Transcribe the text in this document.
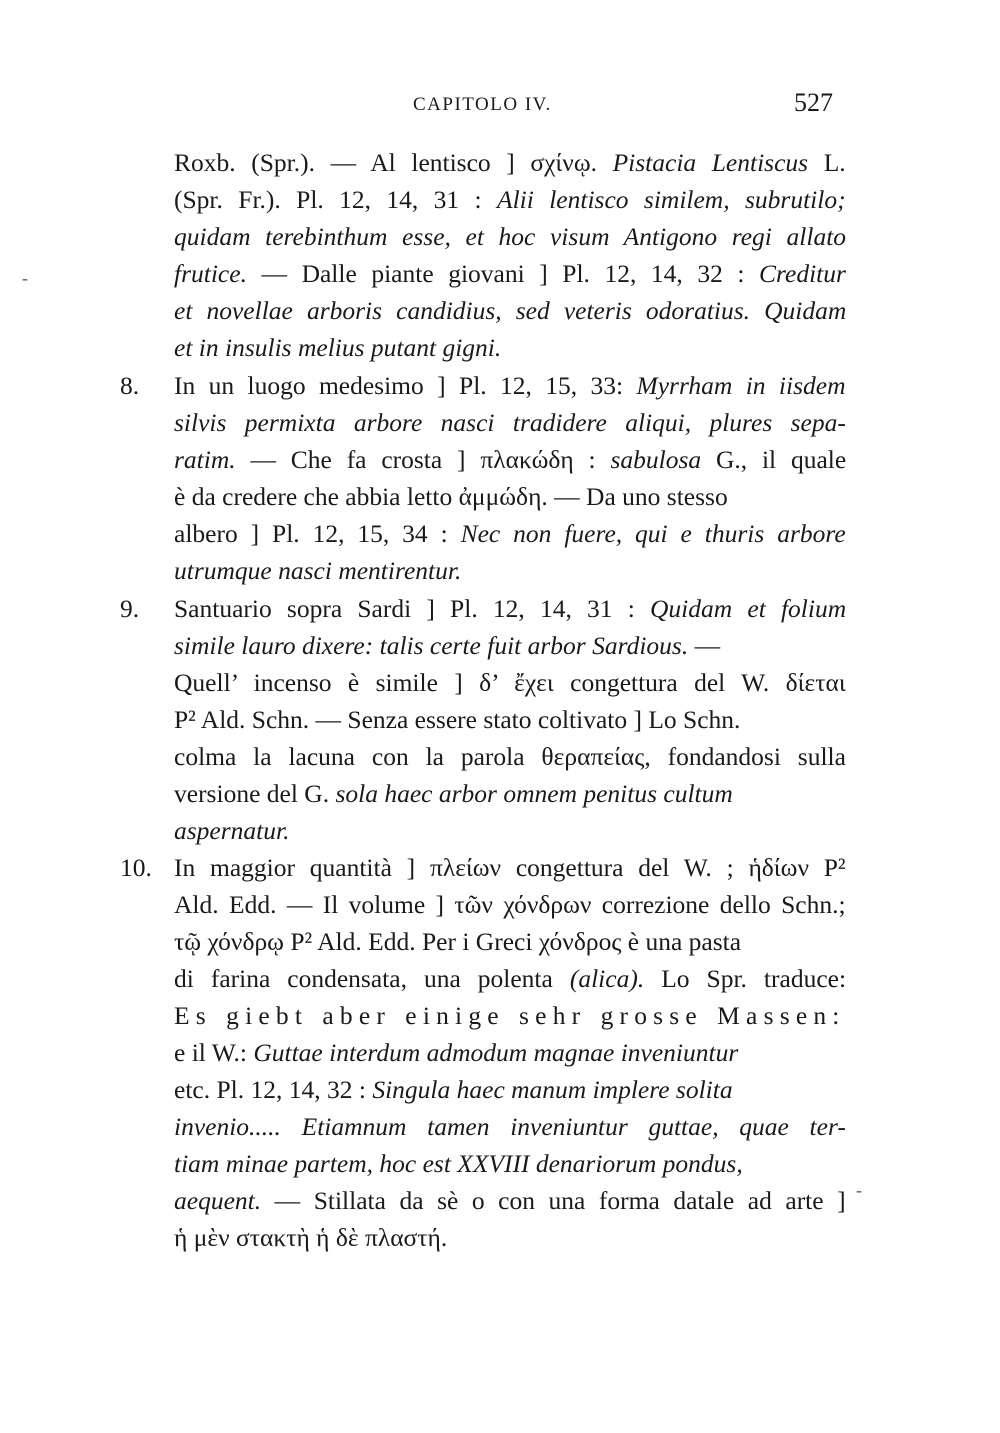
CAPITOLO IV.	527
-
-
Roxb. (Spr.). — Al lentisco ] σχίνῳ. Pistacia Lentiscus L.
(Spr. Fr.). Pl. 12, 14, 31 : Alii lentisco similem, subrutilo;
quidam terebinthum esse, et hoc visum Antigono regi allato
frutice. — Dalle piante giovani ] Pl. 12, 14, 32 : Creditur
et novellae arboris candidius, sed veteris odoratius. Quidam
et in insulis melius putant gigni.
8. In un luogo medesimo ] Pl. 12, 15, 33: Myrrham in iisdem
silvis permixta arbore nasci tradidere aliqui, plures sepa-
ratim. — Che fa crosta ] πλακώδη : sabulosa G., il quale
è da credere che abbia letto ἀμμώδη. — Da uno stesso
albero ] Pl. 12, 15, 34 : Nec non fuere, qui e thuris arbore
utrumque nasci mentirentur.
9. Santuario sopra Sardi ] Pl. 12, 14, 31 : Quidam et folium
simile lauro dixere: talis certe fuit arbor Sardious. —
Quell’ incenso è simile ] δ’ ἔχει congettura del W. δίεται
P² Ald. Schn. — Senza essere stato coltivato ] Lo Schn.
colma la lacuna con la parola θεραπείας, fondandosi sulla
versione del G. sola haec arbor omnem penitus cultum
aspernatur.
10. In maggior quantità ] πλείων congettura del W. ; ἡδίων P²
Ald. Edd. — Il volume ] τῶν χόνδρων correzione dello Schn.;
τῷ χόνδρῳ P² Ald. Edd. Per i Greci χόνδρος è una pasta
di farina condensata, una polenta (alica). Lo Spr. traduce:
Es giebt aber einige sehr grosse Massen:
e il W.: Guttae interdum admodum magnae inveniuntur
etc. Pl. 12, 14, 32 : Singula haec manum implere solita
invenio..... Etiamnum tamen inveniuntur guttae, quae ter-
tiam minae partem, hoc est XXVIII denariorum pondus,
aequent. — Stillata da sè o con una forma datale ad arte ]
ἡ μὲν στακτὴ ἡ δὲ πλαστή.
